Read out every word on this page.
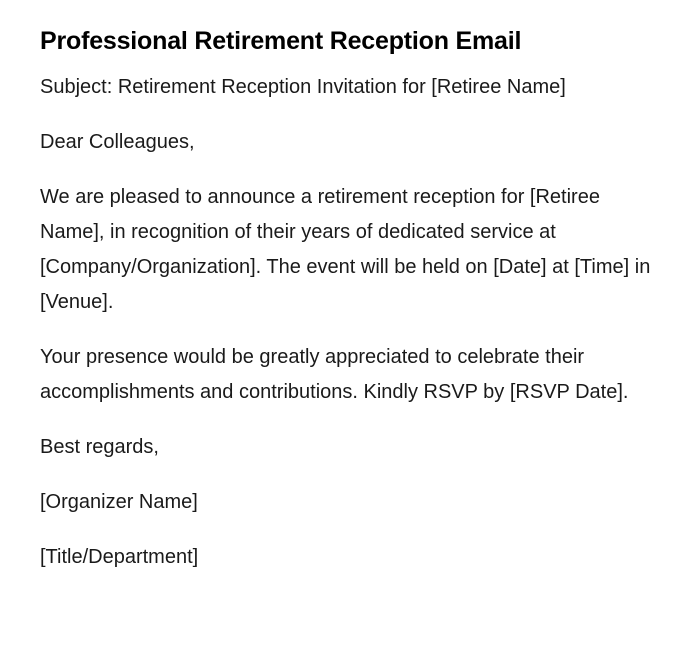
Professional Retirement Reception Email

Subject: Retirement Reception Invitation for [Retiree Name]

Dear Colleagues,

We are pleased to announce a retirement reception for [Retiree Name], in recognition of their years of dedicated service at [Company/Organization]. The event will be held on [Date] at [Time] in [Venue].

Your presence would be greatly appreciated to celebrate their accomplishments and contributions. Kindly RSVP by [RSVP Date].

Best regards,

[Organizer Name]

[Title/Department]
